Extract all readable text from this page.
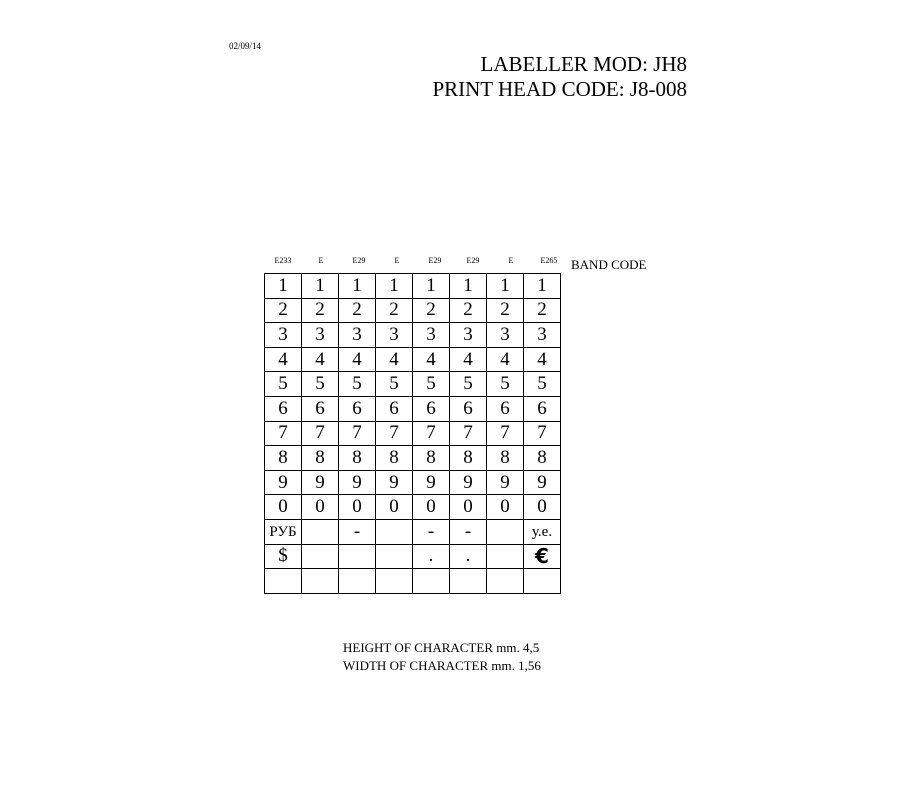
02/09/14
LABELLER MOD: JH8
PRINT HEAD CODE: J8-008
E233	E	E29	E	E29	E29	E	E265	BAND CODE
1	1	1	1	1	1	1	1
2	2	2	2	2	2	2	2
3	3	3	3	3	3	3	3
4	4	4	4	4	4	4	4
5	5	5	5	5	5	5	5
6	6	6	6	6	6	6	6
7	7	7	7	7	7	7	7
8	8	8	8	8	8	8	8
9	9	9	9	9	9	9	9
0	0	0	0	0	0	0	0
РУБ		-		-	-		у.е.
$				.	.		€

HEIGHT OF CHARACTER mm. 4,5
WIDTH OF CHARACTER mm. 1,56
